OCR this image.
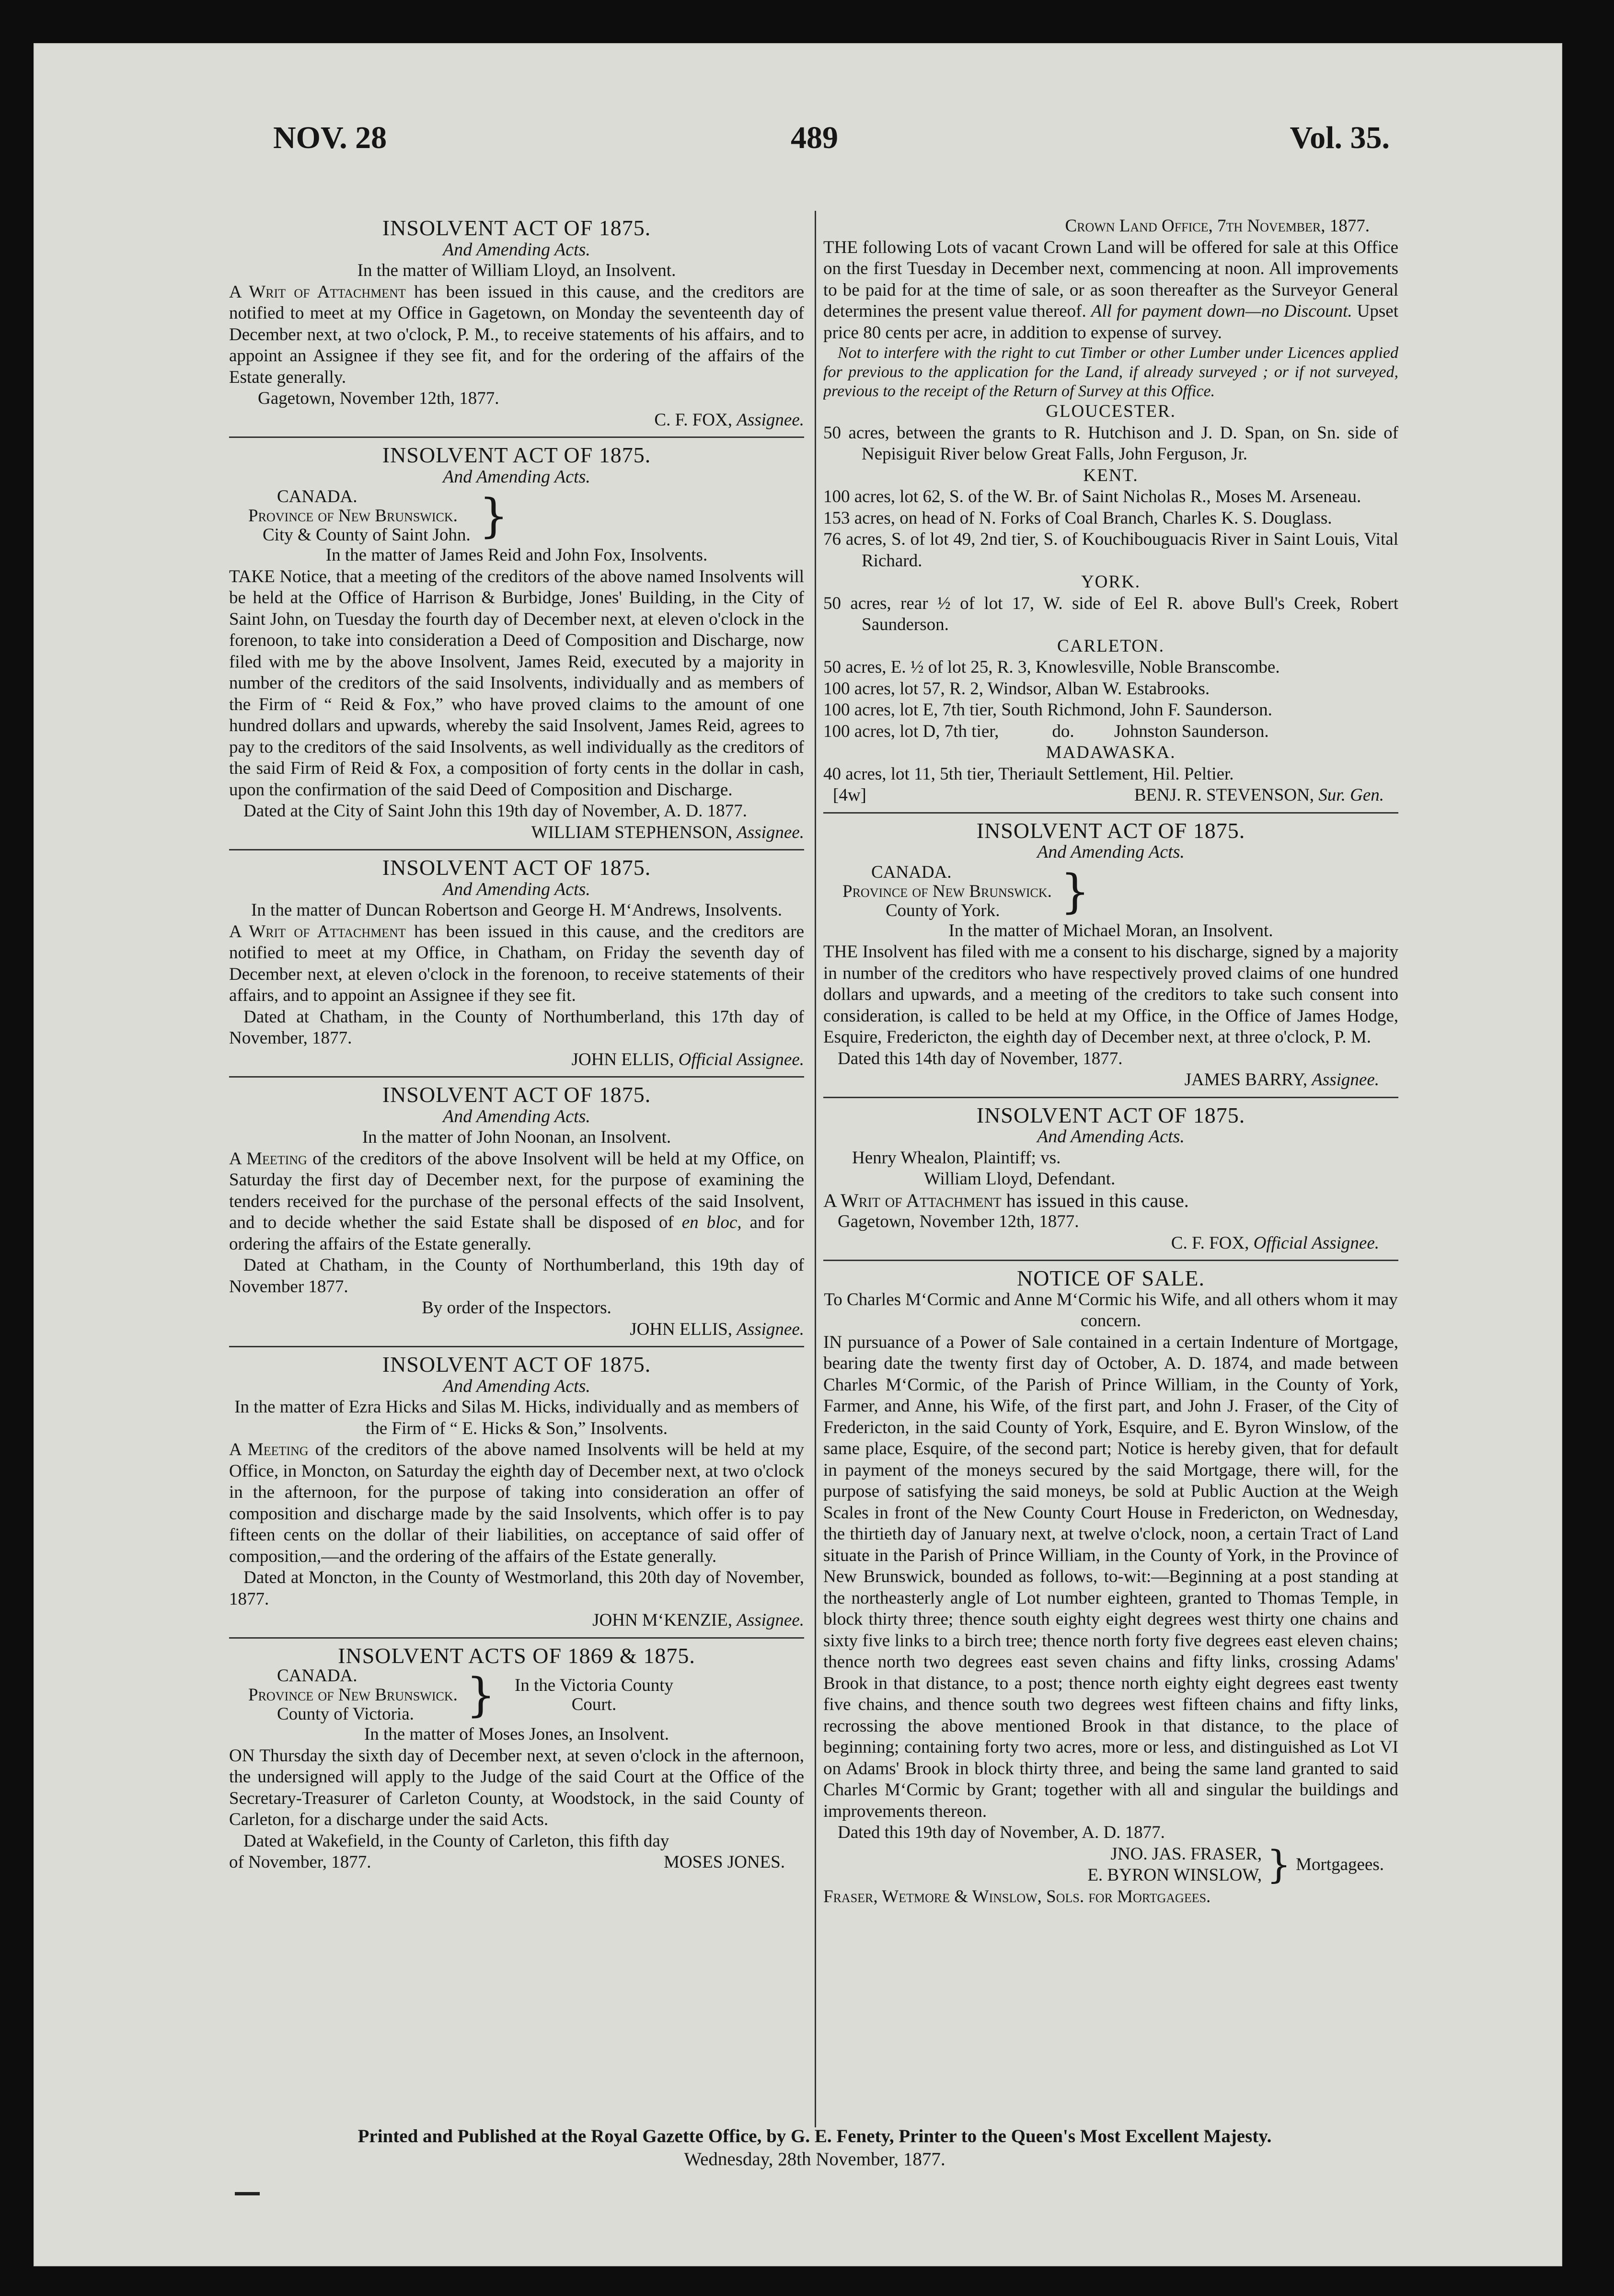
NOV. 28	489	Vol. 35.
INSOLVENT ACT OF 1875.
And Amending Acts.
In the matter of William Lloyd, an Insolvent.

A Writ of Attachment has been issued in this cause, and the creditors are notified to meet at my Office in Gagetown, on Monday the seventeenth day of December next, at two o'clock, P. M., to receive statements of his affairs, and to appoint an Assignee if they see fit, and for the ordering of the affairs of the Estate generally.

Gagetown, November 12th, 1877.
C. F. FOX, Assignee.
INSOLVENT ACT OF 1875.
And Amending Acts.
CANADA.
Province of New Brunswick.
City & County of Saint John. }
In the matter of James Reid and John Fox, Insolvents.

TAKE Notice, that a meeting of the creditors of the above named Insolvents will be held at the Office of Harrison & Burbidge, Jones' Building, in the City of Saint John, on Tuesday the fourth day of December next, at eleven o'clock in the forenoon, to take into consideration a Deed of Composition and Discharge, now filed with me by the above Insolvent, James Reid, executed by a majority in number of the creditors of the said Insolvents, individually and as members of the Firm of “ Reid & Fox,” who have proved claims to the amount of one hundred dollars and upwards, whereby the said Insolvent, James Reid, agrees to pay to the creditors of the said Insolvents, as well individually as the creditors of the said Firm of Reid & Fox, a composition of forty cents in the dollar in cash, upon the confirmation of the said Deed of Composition and Discharge.

Dated at the City of Saint John this 19th day of November, A. D. 1877.

WILLIAM STEPHENSON, Assignee.
INSOLVENT ACT OF 1875.
And Amending Acts.
In the matter of Duncan Robertson and George H. M‘Andrews, Insolvents.

A Writ of Attachment has been issued in this cause, and the creditors are notified to meet at my Office, in Chatham, on Friday the seventh day of December next, at eleven o'clock in the forenoon, to receive statements of their affairs, and to appoint an Assignee if they see fit.

Dated at Chatham, in the County of Northumberland, this 17th day of November, 1877.

JOHN ELLIS, Official Assignee.
INSOLVENT ACT OF 1875.
And Amending Acts.
In the matter of John Noonan, an Insolvent.

A Meeting of the creditors of the above Insolvent will be held at my Office, on Saturday the first day of December next, for the purpose of examining the tenders received for the purchase of the personal effects of the said Insolvent, and to decide whether the said Estate shall be disposed of en bloc, and for ordering the affairs of the Estate generally.

Dated at Chatham, in the County of Northumberland, this 19th day of November 1877.

By order of the Inspectors.
JOHN ELLIS, Assignee.
INSOLVENT ACT OF 1875.
And Amending Acts.
In the matter of Ezra Hicks and Silas M. Hicks, individually and as members of the Firm of “ E. Hicks & Son,” Insolvents.

A Meeting of the creditors of the above named Insolvents will be held at my Office, in Moncton, on Saturday the eighth day of December next, at two o'clock in the afternoon, for the purpose of taking into consideration an offer of composition and discharge made by the said Insolvents, which offer is to pay fifteen cents on the dollar of their liabilities, on acceptance of said offer of composition,—and the ordering of the affairs of the Estate generally.

Dated at Moncton, in the County of Westmorland, this 20th day of November, 1877.

JOHN M‘KENZIE, Assignee.
INSOLVENT ACTS OF 1869 & 1875.
CANADA.
Province of New Brunswick.
County of Victoria.	} In the Victoria County
Court.
In the matter of Moses Jones, an Insolvent.

ON Thursday the sixth day of December next, at seven o'clock in the afternoon, the undersigned will apply to the Judge of the said Court at the Office of the Secretary-Treasurer of Carleton County, at Woodstock, in the said County of Carleton, for a discharge under the said Acts.

Dated at Wakefield, in the County of Carleton, this fifth day
of November, 1877.	MOSES JONES.
Crown Land Office, 7th November, 1877.

THE following Lots of vacant Crown Land will be offered for sale at this Office on the first Tuesday in December next, commencing at noon. All improvements to be paid for at the time of sale, or as soon thereafter as the Surveyor General determines the present value thereof. All for payment down—no Discount. Upset price 80 cents per acre, in addition to expense of survey.

Not to interfere with the right to cut Timber or other Lumber under Licences applied for previous to the application for the Land, if already surveyed ; or if not surveyed, previous to the receipt of the Return of Survey at this Office.
GLOUCESTER.

50 acres, between the grants to R. Hutchison and J. D. Span, on Sn. side of Nepisiguit River below Great Falls, John Ferguson, Jr.

KENT.

100 acres, lot 62, S. of the W. Br. of Saint Nicholas R., Moses M. Arseneau.

153 acres, on head of N. Forks of Coal Branch, Charles K. S. Douglass.

76 acres, S. of lot 49, 2nd tier, S. of Kouchibouguacis River in Saint Louis, Vital Richard.

YORK.

50 acres, rear ½ of lot 17, W. side of Eel R. above Bull's Creek, Robert Saunderson.

CARLETON.

50 acres, E. ½ of lot 25, R. 3, Knowlesville, Noble Branscombe.

100 acres, lot 57, R. 2, Windsor, Alban W. Estabrooks.

100 acres, lot E, 7th tier, South Richmond, John F. Saunderson.

100 acres, lot D, 7th tier,            do.         Johnston Saunderson.

MADAWASKA.

40 acres, lot 11, 5th tier, Theriault Settlement, Hil. Peltier.

[4w]	BENJ. R. STEVENSON, Sur. Gen.
INSOLVENT ACT OF 1875.
And Amending Acts.
CANADA.
Province of New Brunswick.
County of York.	}
In the matter of Michael Moran, an Insolvent.

THE Insolvent has filed with me a consent to his discharge, signed by a majority in number of the creditors who have respectively proved claims of one hundred dollars and upwards, and a meeting of the creditors to take such consent into consideration, is called to be held at my Office, in the Office of James Hodge, Esquire, Fredericton, the eighth day of December next, at three o'clock, P. M.

Dated this 14th day of November, 1877.

JAMES BARRY, Assignee.
INSOLVENT ACT OF 1875.
And Amending Acts.
Henry Whealon, Plaintiff; vs.
William Lloyd, Defendant.

A Writ of Attachment has issued in this cause.

Gagetown, November 12th, 1877.
C. F. FOX, Official Assignee.
NOTICE OF SALE.
To Charles M‘Cormic and Anne M‘Cormic his Wife, and all others whom it may concern.

IN pursuance of a Power of Sale contained in a certain Indenture of Mortgage, bearing date the twenty first day of October, A. D. 1874, and made between Charles M‘Cormic, of the Parish of Prince William, in the County of York, Farmer, and Anne, his Wife, of the first part, and John J. Fraser, of the City of Fredericton, in the said County of York, Esquire, and E. Byron Winslow, of the same place, Esquire, of the second part; Notice is hereby given, that for default in payment of the moneys secured by the said Mortgage, there will, for the purpose of satisfying the said moneys, be sold at Public Auction at the Weigh Scales in front of the New County Court House in Fredericton, on Wednesday, the thirtieth day of January next, at twelve o'clock, noon, a certain Tract of Land situate in the Parish of Prince William, in the County of York, in the Province of New Brunswick, bounded as follows, to-wit:—Beginning at a post standing at the northeasterly angle of Lot number eighteen, granted to Thomas Temple, in block thirty three; thence south eighty eight degrees west thirty one chains and sixty five links to a birch tree; thence north forty five degrees east eleven chains; thence north two degrees east seven chains and fifty links, crossing Adams' Brook in that distance, to a post; thence north eighty eight degrees east twenty five chains, and thence south two degrees west fifteen chains and fifty links, recrossing the above mentioned Brook in that distance, to the place of beginning; containing forty two acres, more or less, and distinguished as Lot VI on Adams' Brook in block thirty three, and being the same land granted to said Charles M‘Cormic by Grant; together with all and singular the buildings and improvements thereon.

Dated this 19th day of November, A. D. 1877.

JNO. JAS. FRASER,
E. BYRON WINSLOW, } Mortgagees.
Fraser, Wetmore & Winslow, Sols. for Mortgagees.
Printed and Published at the Royal Gazette Office, by G. E. Fenety, Printer to the Queen's Most Excellent Majesty.
Wednesday, 28th November, 1877.
